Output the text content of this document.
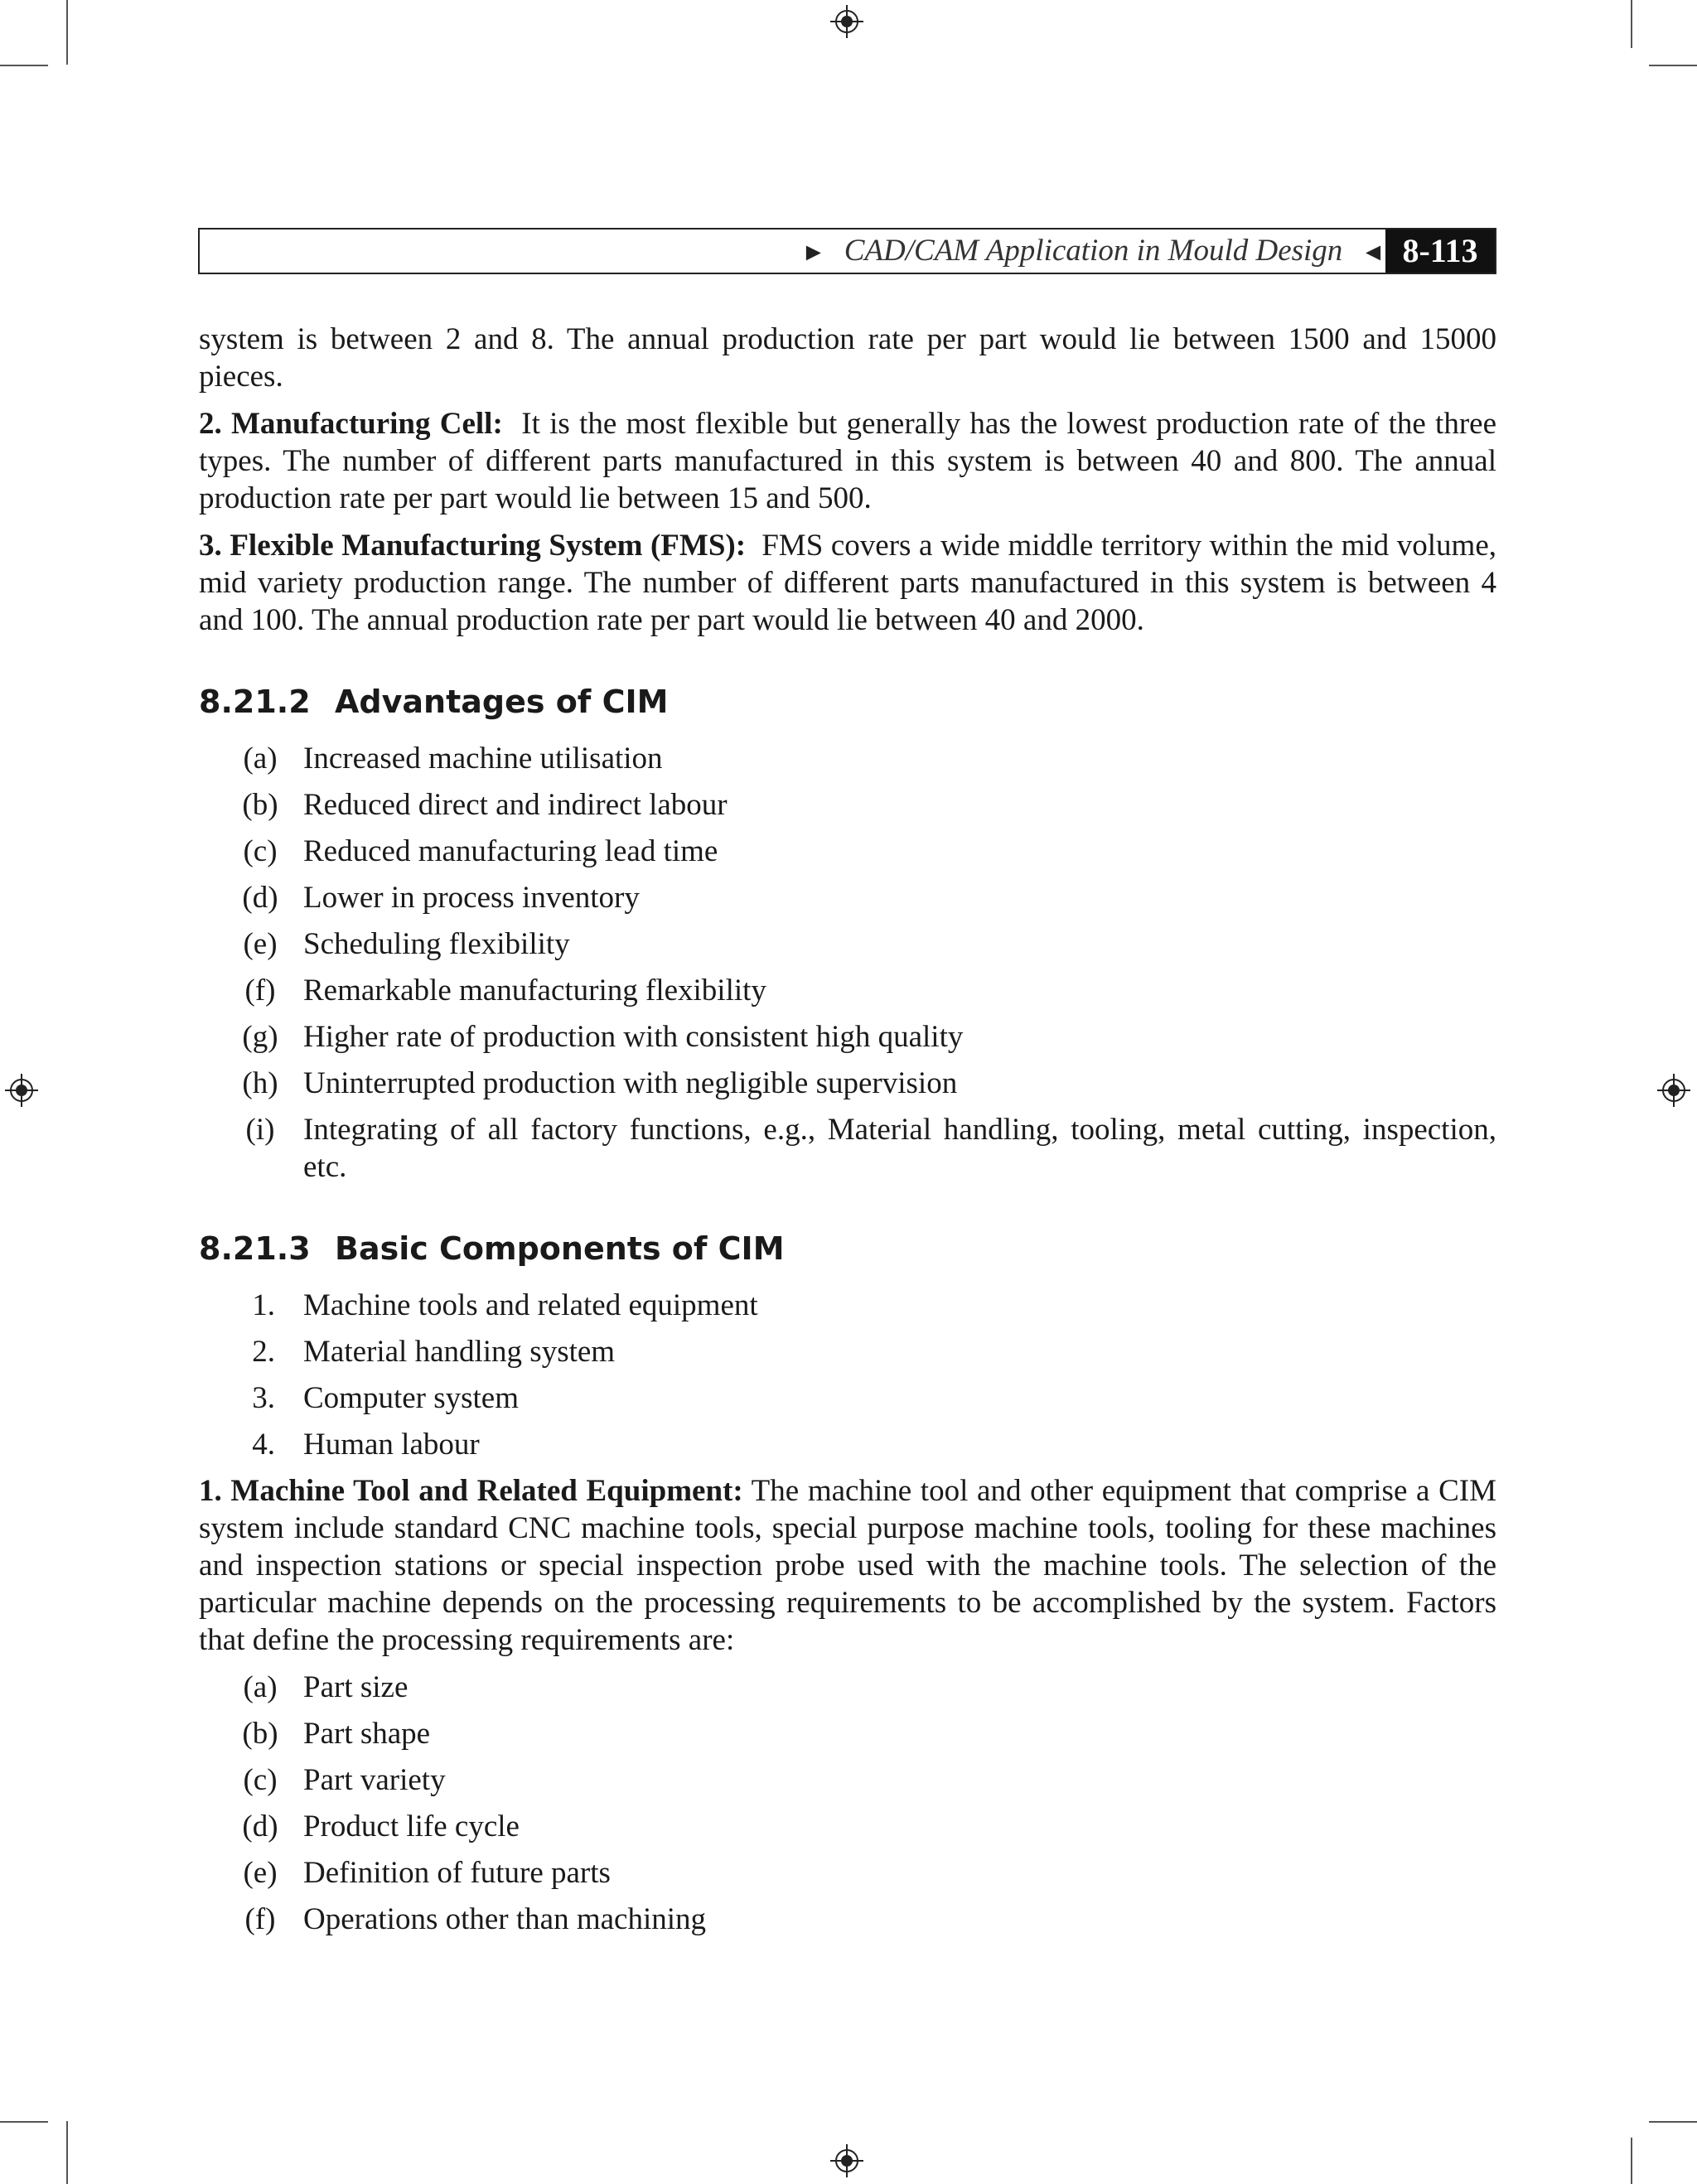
► CAD/CAM Application in Mould Design ◄ 8-113

system is between 2 and 8. The annual production rate per part would lie between 1500 and 15000 pieces.

2. Manufacturing Cell: It is the most flexible but generally has the lowest production rate of the three types. The number of different parts manufactured in this system is between 40 and 800. The annual production rate per part would lie between 15 and 500.

3. Flexible Manufacturing System (FMS): FMS covers a wide middle territory within the mid volume, mid variety production range. The number of different parts manufactured in this system is between 4 and 100. The annual production rate per part would lie between 40 and 2000.

8.21.2 Advantages of CIM
(a) Increased machine utilisation
(b) Reduced direct and indirect labour
(c) Reduced manufacturing lead time
(d) Lower in process inventory
(e) Scheduling flexibility
(f) Remarkable manufacturing flexibility
(g) Higher rate of production with consistent high quality
(h) Uninterrupted production with negligible supervision
(i) Integrating of all factory functions, e.g., Material handling, tooling, metal cutting, inspection, etc.
8.21.3 Basic Components of CIM
1. Machine tools and related equipment
2. Material handling system
3. Computer system
4. Human labour

1. Machine Tool and Related Equipment: The machine tool and other equipment that comprise a CIM system include standard CNC machine tools, special purpose machine tools, tooling for these machines and inspection stations or special inspection probe used with the machine tools. The selection of the particular machine depends on the processing requirements to be accomplished by the system. Factors that define the processing requirements are:

(a) Part size
(b) Part shape
(c) Part variety
(d) Product life cycle
(e) Definition of future parts
(f) Operations other than machining
